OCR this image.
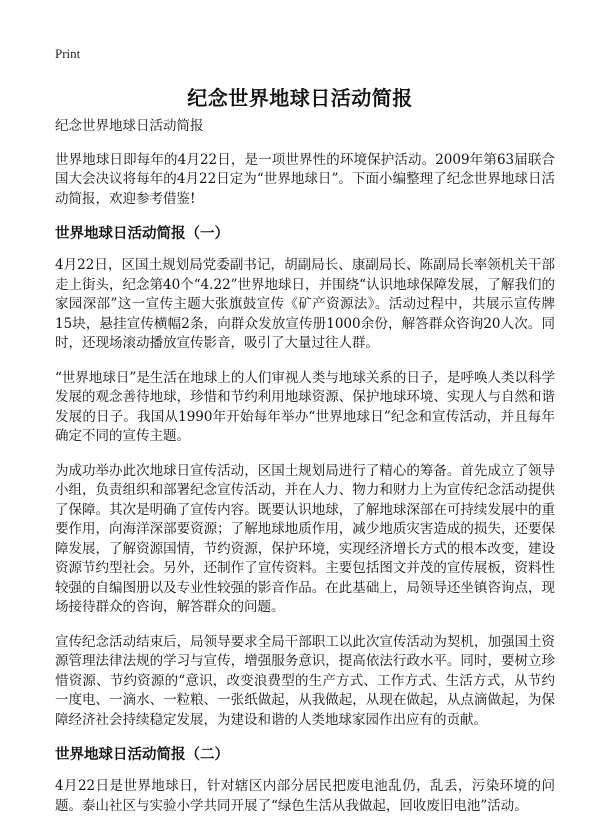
Print
纪念世界地球日活动简报

纪念世界地球日活动简报

世界地球日即每年的4月22日，是一项世界性的环境保护活动。2009年第63届联合国大会决议将每年的4月22日定为“世界地球日”。下面小编整理了纪念世界地球日活动简报，欢迎参考借鉴!

世界地球日活动简报（一）

4月22日，区国土规划局党委副书记，胡副局长、康副局长、陈副局长率领机关干部走上街头，纪念第40个“4.22”世界地球日，并围绕“认识地球保障发展，了解我们的家园深部”这一宣传主题大张旗鼓宣传《矿产资源法》。活动过程中，共展示宣传牌15块，悬挂宣传横幅2条，向群众发放宣传册1000余份，解答群众咨询20人次。同时，还现场滚动播放宣传影音，吸引了大量过往人群。

“世界地球日”是生活在地球上的人们审视人类与地球关系的日子，是呼唤人类以科学发展的观念善待地球，珍惜和节约利用地球资源、保护地球环境、实现人与自然和谐发展的日子。我国从1990年开始每年举办“世界地球日”纪念和宣传活动，并且每年确定不同的宣传主题。

为成功举办此次地球日宣传活动，区国土规划局进行了精心的筹备。首先成立了领导小组，负责组织和部署纪念宣传活动，并在人力、物力和财力上为宣传纪念活动提供了保障。其次是明确了宣传内容。既要认识地球，了解地球深部在可持续发展中的重要作用，向海洋深部要资源；了解地球地质作用，减少地质灾害造成的损失，还要保障发展，了解资源国情，节约资源，保护环境，实现经济增长方式的根本改变，建设资源节约型社会。另外，还制作了宣传资料。主要包括图文并茂的宣传展板，资料性较强的自编图册以及专业性较强的影音作品。在此基础上，局领导还坐镇咨询点，现场接待群众的咨询，解答群众的问题。

宣传纪念活动结束后，局领导要求全局干部职工以此次宣传活动为契机，加强国土资源管理法律法规的学习与宣传，增强服务意识，提高依法行政水平。同时，要树立珍惜资源、节约资源的“意识，改变浪费型的生产方式、工作方式、生活方式，从节约一度电、一滴水、一粒粮、一张纸做起，从我做起，从现在做起，从点滴做起，为保障经济社会持续稳定发展，为建设和谐的人类地球家园作出应有的贡献。

世界地球日活动简报（二）

4月22日是世界地球日，针对辖区内部分居民把废电池乱仍，乱丢，污染环境的问题。泰山社区与实验小学共同开展了“绿色生活从我做起，回收废旧电池”活动。
